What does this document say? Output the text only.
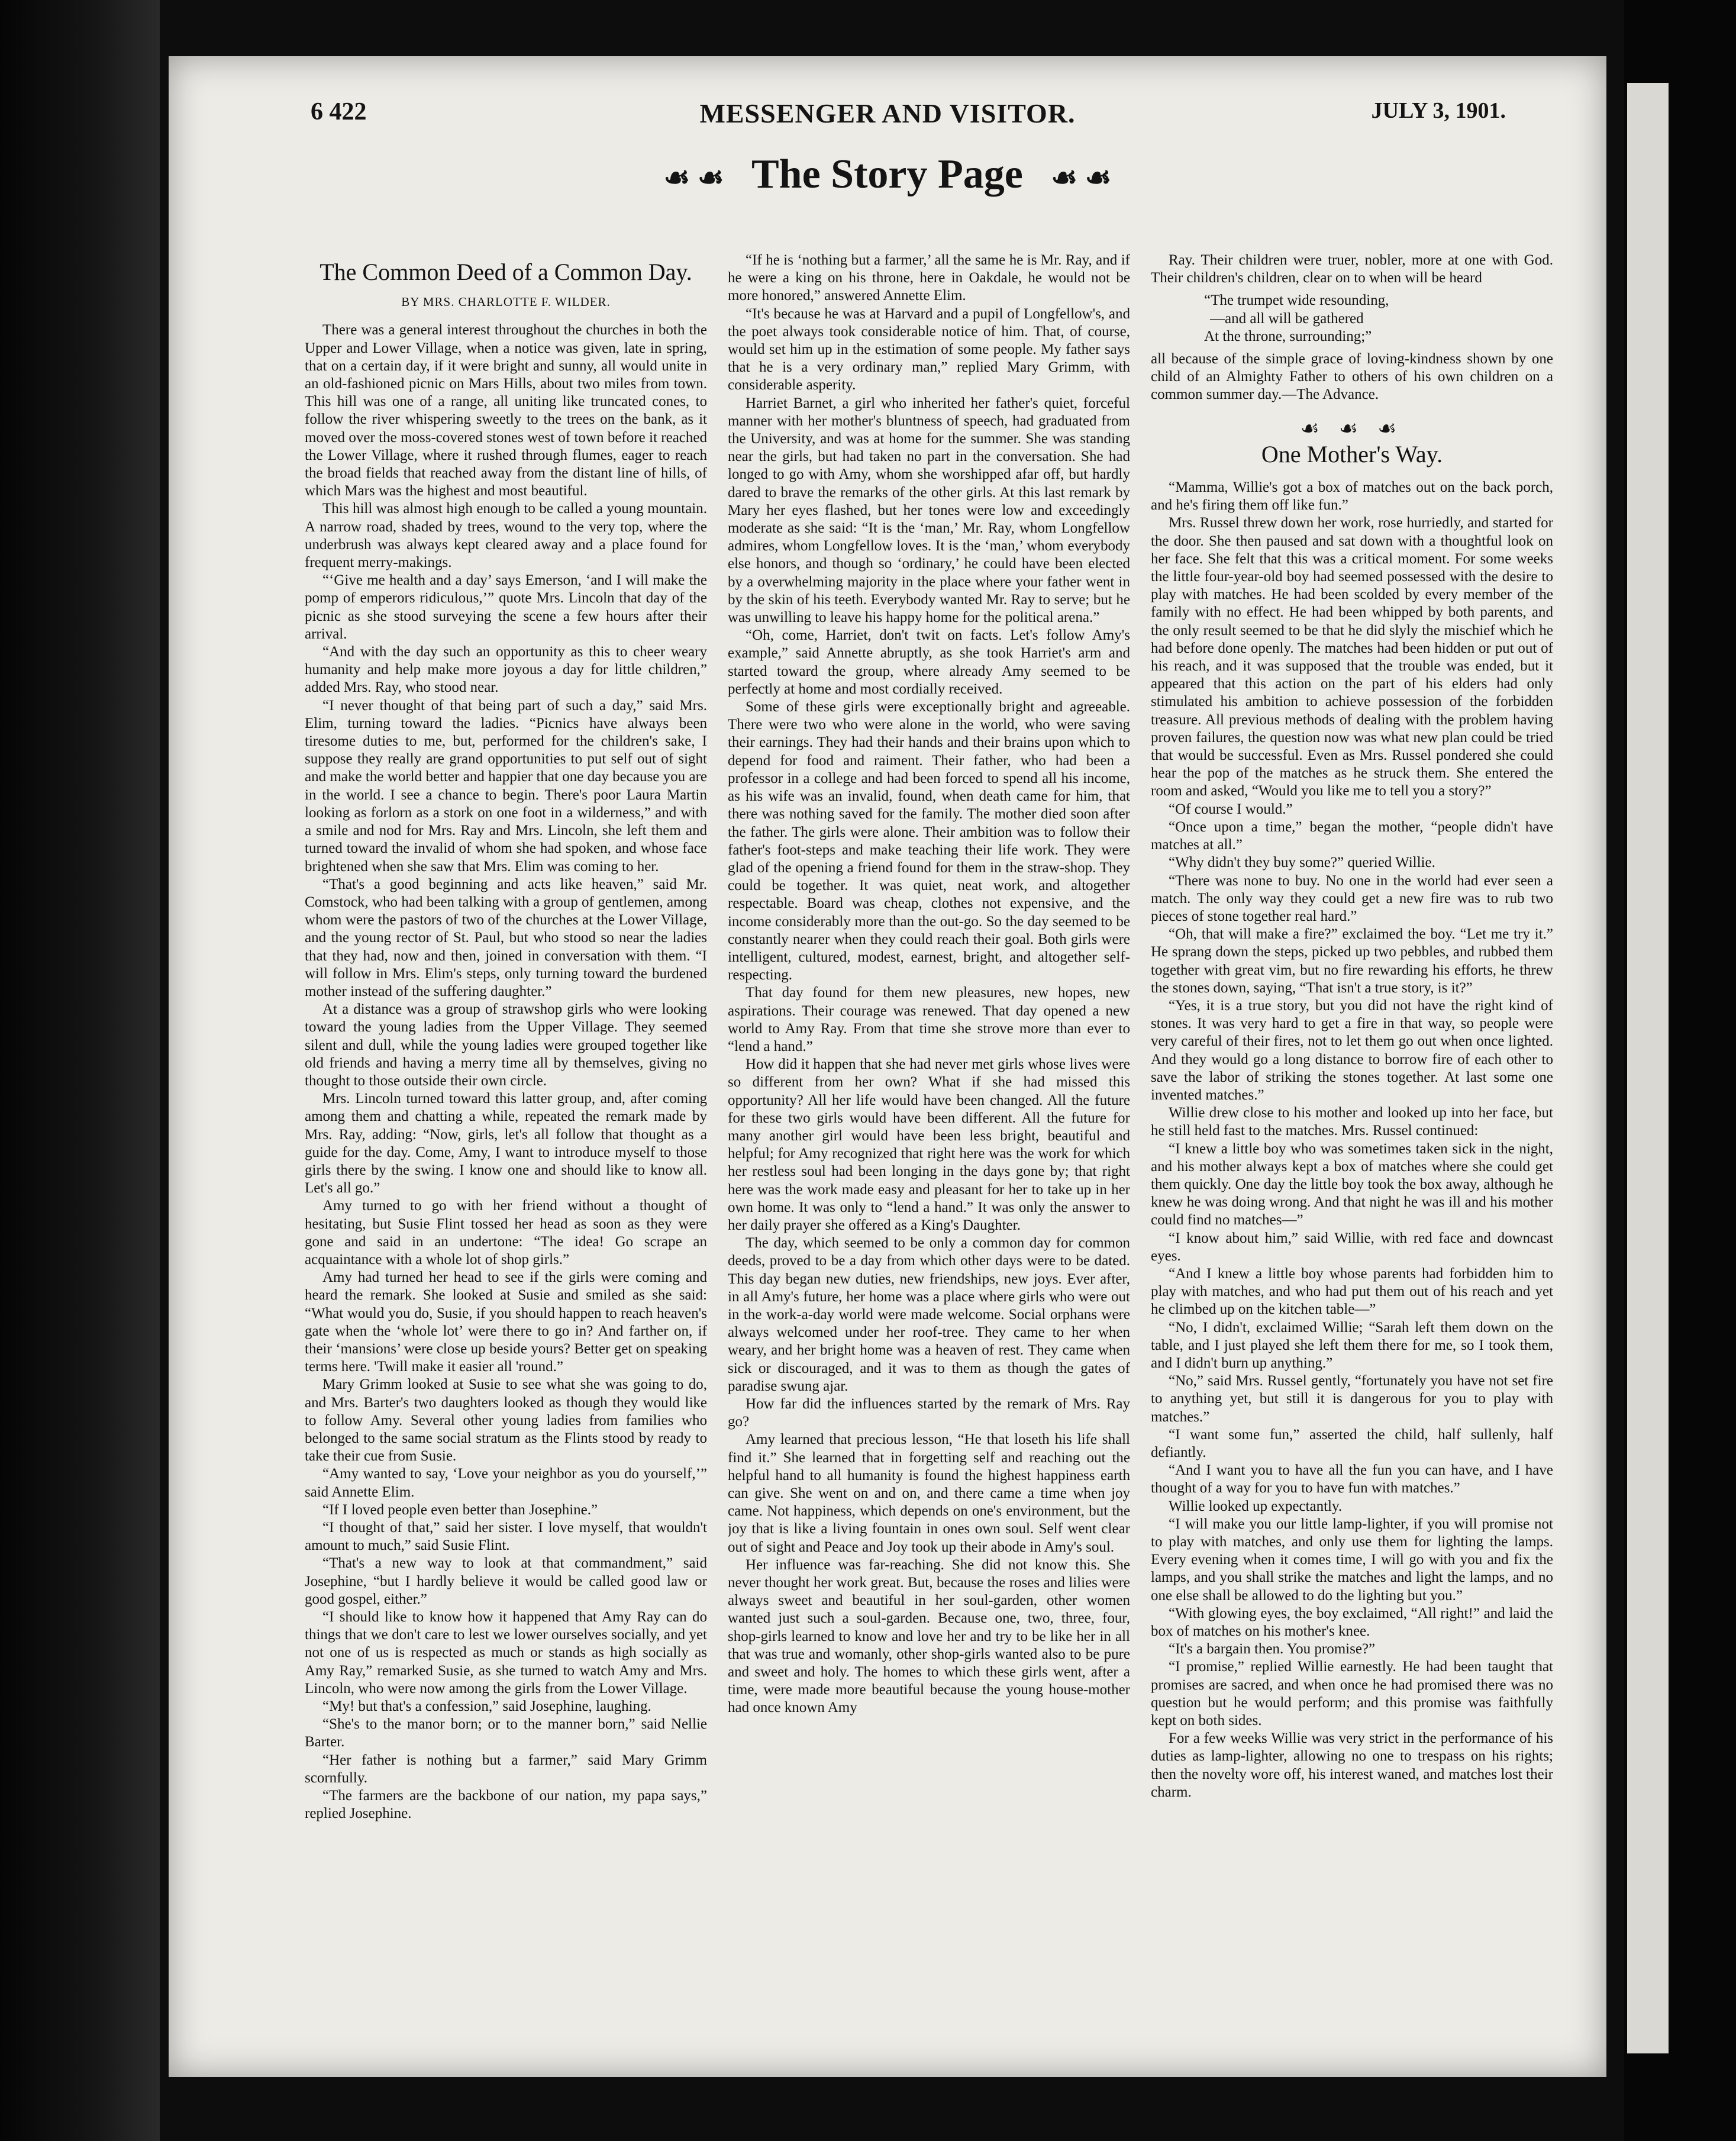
6 422	MESSENGER AND VISITOR.	JULY 3, 1901.
☙ ☙ The Story Page ☙ ☙
The Common Deed of a Common Day.
BY MRS. CHARLOTTE F. WILDER.

There was a general interest throughout the churches in both the Upper and Lower Village, when a notice was given, late in spring, that on a certain day, if it were bright and sunny, all would unite in an old-fashioned picnic on Mars Hills, about two miles from town. This hill was one of a range, all uniting like truncated cones, to follow the river whispering sweetly to the trees on the bank, as it moved over the moss-covered stones west of town before it reached the Lower Village, where it rushed through flumes, eager to reach the broad fields that reached away from the distant line of hills, of which Mars was the highest and most beautiful.

This hill was almost high enough to be called a young mountain. A narrow road, shaded by trees, wound to the very top, where the underbrush was always kept cleared away and a place found for frequent merry-makings.

“‘Give me health and a day’ says Emerson, ‘and I will make the pomp of emperors ridiculous,’” quote Mrs. Lincoln that day of the picnic as she stood surveying the scene a few hours after their arrival.

“And with the day such an opportunity as this to cheer weary humanity and help make more joyous a day for little children,” added Mrs. Ray, who stood near.

“I never thought of that being part of such a day,” said Mrs. Elim, turning toward the ladies. “Picnics have always been tiresome duties to me, but, performed for the children's sake, I suppose they really are grand opportunities to put self out of sight and make the world better and happier that one day because you are in the world. I see a chance to begin. There's poor Laura Martin looking as forlorn as a stork on one foot in a wilderness,” and with a smile and nod for Mrs. Ray and Mrs. Lincoln, she left them and turned toward the invalid of whom she had spoken, and whose face brightened when she saw that Mrs. Elim was coming to her.

“That's a good beginning and acts like heaven,” said Mr. Comstock, who had been talking with a group of gentlemen, among whom were the pastors of two of the churches at the Lower Village, and the young rector of St. Paul, but who stood so near the ladies that they had, now and then, joined in conversation with them. “I will follow in Mrs. Elim's steps, only turning toward the burdened mother instead of the suffering daughter.”

At a distance was a group of strawshop girls who were looking toward the young ladies from the Upper Village. They seemed silent and dull, while the young ladies were grouped together like old friends and having a merry time all by themselves, giving no thought to those outside their own circle.

Mrs. Lincoln turned toward this latter group, and, after coming among them and chatting a while, repeated the remark made by Mrs. Ray, adding: “Now, girls, let's all follow that thought as a guide for the day. Come, Amy, I want to introduce myself to those girls there by the swing. I know one and should like to know all. Let's all go.”

Amy turned to go with her friend without a thought of hesitating, but Susie Flint tossed her head as soon as they were gone and said in an undertone: “The idea! Go scrape an acquaintance with a whole lot of shop girls.”

Amy had turned her head to see if the girls were coming and heard the remark. She looked at Susie and smiled as she said: “What would you do, Susie, if you should happen to reach heaven's gate when the ‘whole lot’ were there to go in? And farther on, if their ‘mansions’ were close up beside yours? Better get on speaking terms here. 'Twill make it easier all 'round.”

Mary Grimm looked at Susie to see what she was going to do, and Mrs. Barter's two daughters looked as though they would like to follow Amy. Several other young ladies from families who belonged to the same social stratum as the Flints stood by ready to take their cue from Susie.

“Amy wanted to say, ‘Love your neighbor as you do yourself,’” said Annette Elim.

“If I loved people even better than Josephine.”

“I thought of that,” said her sister. I love myself, that wouldn't amount to much,” said Susie Flint.

“That's a new way to look at that commandment,” said Josephine, “but I hardly believe it would be called good law or good gospel, either.”

“I should like to know how it happened that Amy Ray can do things that we don't care to lest we lower ourselves socially, and yet not one of us is respected as much or stands as high socially as Amy Ray,” remarked Susie, as she turned to watch Amy and Mrs. Lincoln, who were now among the girls from the Lower Village.

“My! but that's a confession,” said Josephine, laughing.

“She's to the manor born; or to the manner born,” said Nellie Barter.

“Her father is nothing but a farmer,” said Mary Grimm scornfully.

“The farmers are the backbone of our nation, my papa says,” replied Josephine.

“If he is ‘nothing but a farmer,’ all the same he is Mr. Ray, and if he were a king on his throne, here in Oakdale, he would not be more honored,” answered Annette Elim.

“It's because he was at Harvard and a pupil of Longfellow's, and the poet always took considerable notice of him. That, of course, would set him up in the estimation of some people. My father says that he is a very ordinary man,” replied Mary Grimm, with considerable asperity.

Harriet Barnet, a girl who inherited her father's quiet, forceful manner with her mother's bluntness of speech, had graduated from the University, and was at home for the summer. She was standing near the girls, but had taken no part in the conversation. She had longed to go with Amy, whom she worshipped afar off, but hardly dared to brave the remarks of the other girls. At this last remark by Mary her eyes flashed, but her tones were low and exceedingly moderate as she said: “It is the ‘man,’ Mr. Ray, whom Longfellow admires, whom Longfellow loves. It is the ‘man,’ whom everybody else honors, and though so ‘ordinary,’ he could have been elected by a overwhelming majority in the place where your father went in by the skin of his teeth. Everybody wanted Mr. Ray to serve; but he was unwilling to leave his happy home for the political arena.”

“Oh, come, Harriet, don't twit on facts. Let's follow Amy's example,” said Annette abruptly, as she took Harriet's arm and started toward the group, where already Amy seemed to be perfectly at home and most cordially received.

Some of these girls were exceptionally bright and agreeable. There were two who were alone in the world, who were saving their earnings. They had their hands and their brains upon which to depend for food and raiment. Their father, who had been a professor in a college and had been forced to spend all his income, as his wife was an invalid, found, when death came for him, that there was nothing saved for the family. The mother died soon after the father. The girls were alone. Their ambition was to follow their father's foot-steps and make teaching their life work. They were glad of the opening a friend found for them in the straw-shop. They could be together. It was quiet, neat work, and altogether respectable. Board was cheap, clothes not expensive, and the income considerably more than the out-go. So the day seemed to be constantly nearer when they could reach their goal. Both girls were intelligent, cultured, modest, earnest, bright, and altogether self-respecting.

That day found for them new pleasures, new hopes, new aspirations. Their courage was renewed. That day opened a new world to Amy Ray. From that time she strove more than ever to “lend a hand.”

How did it happen that she had never met girls whose lives were so different from her own? What if she had missed this opportunity? All her life would have been changed. All the future for these two girls would have been different. All the future for many another girl would have been less bright, beautiful and helpful; for Amy recognized that right here was the work for which her restless soul had been longing in the days gone by; that right here was the work made easy and pleasant for her to take up in her own home. It was only to “lend a hand.” It was only the answer to her daily prayer she offered as a King's Daughter.

The day, which seemed to be only a common day for common deeds, proved to be a day from which other days were to be dated. This day began new duties, new friendships, new joys. Ever after, in all Amy's future, her home was a place where girls who were out in the work-a-day world were made welcome. Social orphans were always welcomed under her roof-tree. They came to her when weary, and her bright home was a heaven of rest. They came when sick or discouraged, and it was to them as though the gates of paradise swung ajar.

How far did the influences started by the remark of Mrs. Ray go?

Amy learned that precious lesson, “He that loseth his life shall find it.” She learned that in forgetting self and reaching out the helpful hand to all humanity is found the highest happiness earth can give. She went on and on, and there came a time when joy came. Not happiness, which depends on one's environment, but the joy that is like a living fountain in ones own soul. Self went clear out of sight and Peace and Joy took up their abode in Amy's soul.

Her influence was far-reaching. She did not know this. She never thought her work great. But, because the roses and lilies were always sweet and beautiful in her soul-garden, other women wanted just such a soul-garden. Because one, two, three, four, shop-girls learned to know and love her and try to be like her in all that was true and womanly, other shop-girls wanted also to be pure and sweet and holy. The homes to which these girls went, after a time, were made more beautiful because the young house-mother had once known Amy

Ray. Their children were truer, nobler, more at one with God. Their children's children, clear on to when will be heard

“The trumpet wide resounding,
—and all will be gathered
At the throne, surrounding;”

all because of the simple grace of loving-kindness shown by one child of an Almighty Father to others of his own children on a common summer day.—The Advance.

☙ ☙ ☙
One Mother's Way.

“Mamma, Willie's got a box of matches out on the back porch, and he's firing them off like fun.”

Mrs. Russel threw down her work, rose hurriedly, and started for the door. She then paused and sat down with a thoughtful look on her face. She felt that this was a critical moment. For some weeks the little four-year-old boy had seemed possessed with the desire to play with matches. He had been scolded by every member of the family with no effect. He had been whipped by both parents, and the only result seemed to be that he did slyly the mischief which he had before done openly. The matches had been hidden or put out of his reach, and it was supposed that the trouble was ended, but it appeared that this action on the part of his elders had only stimulated his ambition to achieve possession of the forbidden treasure. All previous methods of dealing with the problem having proven failures, the question now was what new plan could be tried that would be successful. Even as Mrs. Russel pondered she could hear the pop of the matches as he struck them. She entered the room and asked, “Would you like me to tell you a story?”

“Of course I would.”

“Once upon a time,” began the mother, “people didn't have matches at all.”

“Why didn't they buy some?” queried Willie.

“There was none to buy. No one in the world had ever seen a match. The only way they could get a new fire was to rub two pieces of stone together real hard.”

“Oh, that will make a fire?” exclaimed the boy. “Let me try it.” He sprang down the steps, picked up two pebbles, and rubbed them together with great vim, but no fire rewarding his efforts, he threw the stones down, saying, “That isn't a true story, is it?”

“Yes, it is a true story, but you did not have the right kind of stones. It was very hard to get a fire in that way, so people were very careful of their fires, not to let them go out when once lighted. And they would go a long distance to borrow fire of each other to save the labor of striking the stones together. At last some one invented matches.”

Willie drew close to his mother and looked up into her face, but he still held fast to the matches. Mrs. Russel continued:

“I knew a little boy who was sometimes taken sick in the night, and his mother always kept a box of matches where she could get them quickly. One day the little boy took the box away, although he knew he was doing wrong. And that night he was ill and his mother could find no matches—”

“I know about him,” said Willie, with red face and downcast eyes.

“And I knew a little boy whose parents had forbidden him to play with matches, and who had put them out of his reach and yet he climbed up on the kitchen table—”

“No, I didn't, exclaimed Willie; “Sarah left them down on the table, and I just played she left them there for me, so I took them, and I didn't burn up anything.”

“No,” said Mrs. Russel gently, “fortunately you have not set fire to anything yet, but still it is dangerous for you to play with matches.”

“I want some fun,” asserted the child, half sullenly, half defiantly.

“And I want you to have all the fun you can have, and I have thought of a way for you to have fun with matches.”

Willie looked up expectantly.

“I will make you our little lamp-lighter, if you will promise not to play with matches, and only use them for lighting the lamps. Every evening when it comes time, I will go with you and fix the lamps, and you shall strike the matches and light the lamps, and no one else shall be allowed to do the lighting but you.”

“With glowing eyes, the boy exclaimed, “All right!” and laid the box of matches on his mother's knee.

“It's a bargain then. You promise?”

“I promise,” replied Willie earnestly. He had been taught that promises are sacred, and when once he had promised there was no question but he would perform; and this promise was faithfully kept on both sides.

For a few weeks Willie was very strict in the performance of his duties as lamp-lighter, allowing no one to trespass on his rights; then the novelty wore off, his interest waned, and matches lost their charm.
